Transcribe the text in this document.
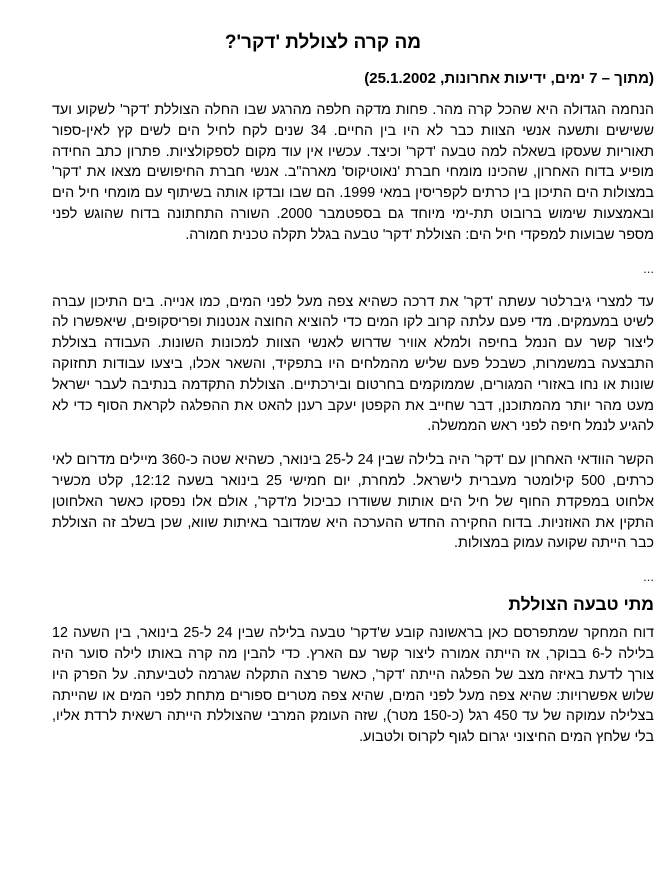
מה קרה לצוללת 'דקר'?

(מתוך – 7 ימים, ידיעות אחרונות, 25.1.2002)

הנחמה הגדולה היא שהכל קרה מהר. פחות מדקה חלפה מהרגע שבו החלה הצוללת 'דקר' לשקוע ועד ששישים ותשעה אנשי הצוות כבר לא היו בין החיים. 34 שנים לקח לחיל הים לשים קץ לאין-ספור תאוריות שעסקו בשאלה למה טבעה 'דקר' וכיצד. עכשיו אין עוד מקום לספקולציות. פתרון כתב החידה מופיע בדוח האחרון, שהכינו מומחי חברת 'נאוטיקוס' מארה"ב. אנשי חברת החיפושים מצאו את 'דקר' במצולות הים התיכון בין כרתים לקפריסין במאי 1999. הם שבו ובדקו אותה בשיתוף עם מומחי חיל הים ובאמצעות שימוש ברובוט תת-ימי מיוחד גם בספטמבר 2000. השורה התחתונה בדוח שהוגש לפני מספר שבועות למפקדי חיל הים: הצוללת 'דקר' טבעה בגלל תקלה טכנית חמורה.

...

עד למצרי גיברלטר עשתה 'דקר' את דרכה כשהיא צפה מעל לפני המים, כמו אנייה. בים התיכון עברה לשיט במעמקים. מדי פעם עלתה קרוב לקו המים כדי להוציא החוצה אנטנות ופריסקופים, שיאפשרו לה ליצור קשר עם הנמל בחיפה ולמלא אוויר שדרוש לאנשי הצוות למכונות השונות. העבודה בצוללת התבצעה במשמרות, כשבכל פעם שליש מהמלחים היו בתפקיד, והשאר אכלו, ביצעו עבודות תחזוקה שונות או נחו באזורי המגורים, שממוקמים בחרטום ובירכתיים. הצוללת התקדמה בנתיבה לעבר ישראל מעט מהר יותר מהמתוכנן, דבר שחייב את הקפטן יעקב רענן להאט את ההפלגה לקראת הסוף כדי לא להגיע לנמל חיפה לפני ראש הממשלה.

הקשר הוודאי האחרון עם 'דקר' היה בלילה שבין 24 ל-25 בינואר, כשהיא שטה כ-360 מיילים מדרום לאי כרתים, 500 קילומטר מעברית לישראל. למחרת, יום חמישי 25 בינואר בשעה 12:12, קלט מכשיר אלחוט במפקדת החוף של חיל הים אותות ששודרו כביכול מ'דקר', אולם אלו נפסקו כאשר האלחוטן התקין את האוזניות. בדוח החקירה החדש ההערכה היא שמדובר באיתות שווא, שכן בשלב זה הצוללת כבר הייתה שקועה עמוק במצולות.

...

מתי טבעה הצוללת

דוח המחקר שמתפרסם כאן בראשונה קובע ש'דקר' טבעה בלילה שבין 24 ל-25 בינואר, בין השעה 12 בלילה ל-6 בבוקר, אז הייתה אמורה ליצור קשר עם הארץ. כדי להבין מה קרה באותו לילה סוער היה צורך לדעת באיזה מצב של הפלגה הייתה 'דקר', כאשר פרצה התקלה שגרמה לטביעתה. על הפרק היו שלוש אפשרויות: שהיא צפה מעל לפני המים, שהיא צפה מטרים ספורים מתחת לפני המים או שהייתה בצלילה עמוקה של עד 450 רגל (כ-150 מטר), שזה העומק המרבי שהצוללת הייתה רשאית לרדת אליו, בלי שלחץ המים החיצוני יגרום לגוף לקרוס ולטבוע.
